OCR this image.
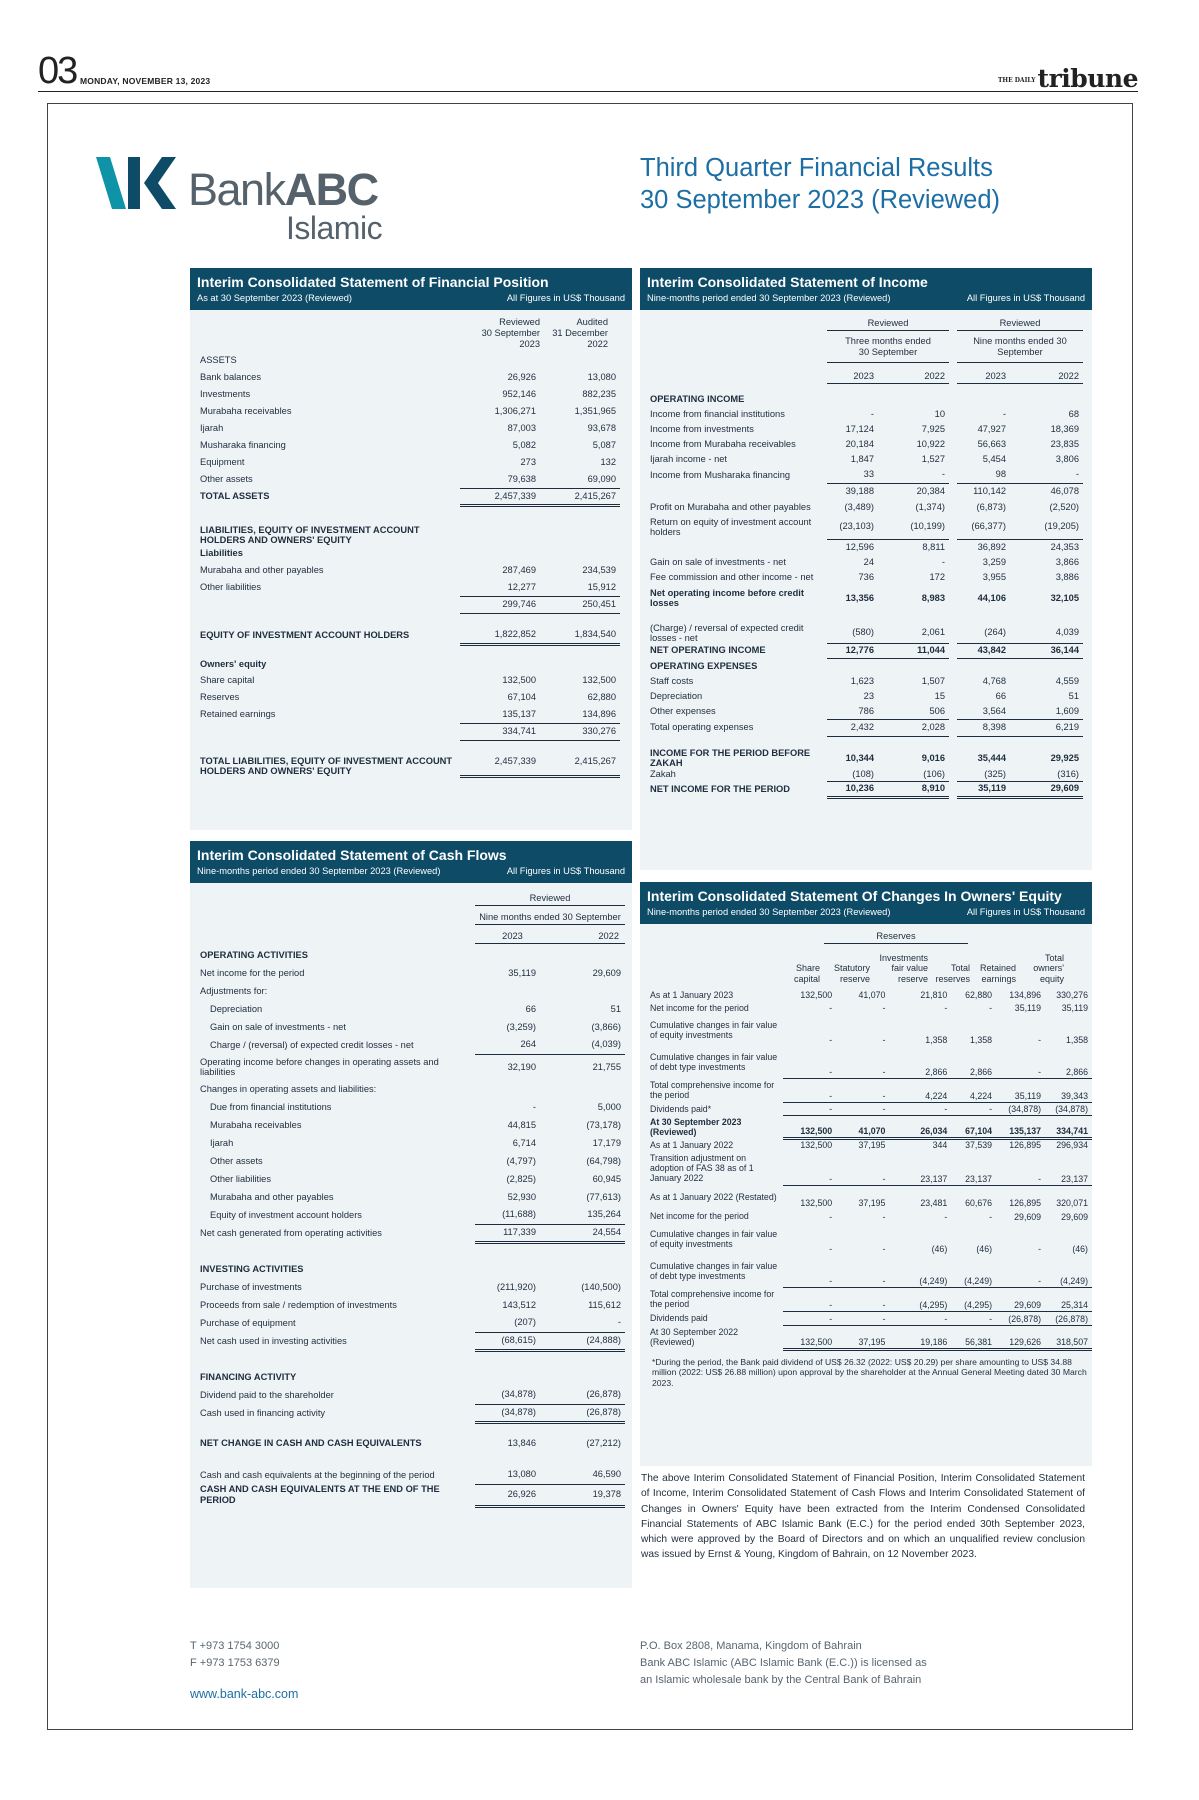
03 MONDAY, NOVEMBER 13, 2023	THE DAILYtribune
BankABC
Islamic
Third Quarter Financial Results
30 September 2023 (Reviewed)
Interim Consolidated Statement of Financial Position
As at 30 September 2023 (Reviewed)	All Figures in US$ Thousand
Reviewed
30 September
2023
Audited
31 December
2022
ASSETS			
Bank balances	26,926	13,080	
Investments	952,146	882,235	
Murabaha receivables	1,306,271	1,351,965	
Ijarah	87,003	93,678	
Musharaka financing	5,082	5,087	
Equipment	273	132	
Other assets	79,638	69,090	
TOTAL ASSETS	2,457,339	2,415,267	

LIABILITIES, EQUITY OF INVESTMENT ACCOUNT HOLDERS AND OWNERS' EQUITY			
Liabilities			
Murabaha and other payables	287,469	234,539	
Other liabilities	12,277	15,912	
	299,746	250,451	

EQUITY OF INVESTMENT ACCOUNT HOLDERS	1,822,852	1,834,540	

Owners' equity			
Share capital	132,500	132,500	
Reserves	67,104	62,880	
Retained earnings	135,137	134,896	
	334,741	330,276	

TOTAL LIABILITIES, EQUITY OF INVESTMENT ACCOUNT HOLDERS AND OWNERS' EQUITY	2,457,339	2,415,267	
Interim Consolidated Statement of Cash Flows
Nine-months period ended 30 September 2023 (Reviewed)	All Figures in US$ Thousand
Reviewed
Nine months ended 30 September
2023	2022
OPERATING ACTIVITIES			
Net income for the period	35,119	29,609	
Adjustments for:			
Depreciation	66	51	
Gain on sale of investments - net	(3,259)	(3,866)	
Charge / (reversal) of expected credit losses - net	264	(4,039)	
Operating income before changes in operating assets and liabilities	32,190	21,755	
Changes in operating assets and liabilities:			
Due from financial institutions	-	5,000	
Murabaha receivables	44,815	(73,178)	
Ijarah	6,714	17,179	
Other assets	(4,797)	(64,798)	
Other liabilities	(2,825)	60,945	
Murabaha and other payables	52,930	(77,613)	
Equity of investment account holders	(11,688)	135,264	
Net cash generated from operating activities	117,339	24,554	

INVESTING ACTIVITIES			
Purchase of investments	(211,920)	(140,500)	
Proceeds from sale / redemption of investments	143,512	115,612	
Purchase of equipment	(207)	-	
Net cash used in investing activities	(68,615)	(24,888)	

FINANCING ACTIVITY			
Dividend paid to the shareholder	(34,878)	(26,878)	
Cash used in financing activity	(34,878)	(26,878)	

NET CHANGE IN CASH AND CASH EQUIVALENTS	13,846	(27,212)	

Cash and cash equivalents at the beginning of the period	13,080	46,590	
CASH AND CASH EQUIVALENTS AT THE END OF THE PERIOD	26,926	19,378	
Interim Consolidated Statement of Income
Nine-months period ended 30 September 2023 (Reviewed)	All Figures in US$ Thousand
Reviewed	Reviewed
Three months ended 30 September
Nine months ended 30 September
2023	2022	2023	2022
OPERATING INCOME						
Income from financial institutions	-	10		-	68	
Income from investments	17,124	7,925		47,927	18,369	
Income from Murabaha receivables	20,184	10,922		56,663	23,835	
Ijarah income - net	1,847	1,527		5,454	3,806	
Income from Musharaka financing	33	-		98	-	
	39,188	20,384		110,142	46,078	
Profit on Murabaha and other payables	(3,489)	(1,374)		(6,873)	(2,520)	
Return on equity of investment account holders	(23,103)	(10,199)		(66,377)	(19,205)	
	12,596	8,811		36,892	24,353	
Gain on sale of investments - net	24	-		3,259	3,866	
Fee commission and other income - net	736	172		3,955	3,886	
Net operating income before credit losses	13,356	8,983		44,106	32,105	

(Charge) / reversal of expected credit losses - net	(580)	2,061		(264)	4,039	
NET OPERATING INCOME	12,776	11,044		43,842	36,144	
OPERATING EXPENSES						
Staff costs	1,623	1,507		4,768	4,559	
Depreciation	23	15		66	51	
Other expenses	786	506		3,564	1,609	
Total operating expenses	2,432	2,028		8,398	6,219	

INCOME FOR THE PERIOD BEFORE ZAKAH	10,344	9,016		35,444	29,925	
Zakah	(108)	(106)		(325)	(316)	
NET INCOME FOR THE PERIOD	10,236	8,910		35,119	29,609	
Interim Consolidated Statement Of Changes In Owners' Equity
Nine-months period ended 30 September 2023 (Reviewed)	All Figures in US$ Thousand
Reserves
Share capital
Statutory reserve
Investments fair value reserve
Total reserves
Retained earnings
Total owners' equity
As at 1 January 2023	132,500	41,070	21,810	62,880	134,896	330,276
Net income for the period	-	-	-	-	35,119	35,119
Cumulative changes in fair value of equity investments	-	-	1,358	1,358	-	1,358
Cumulative changes in fair value of debt type investments	-	-	2,866	2,866	-	2,866
Total comprehensive income for the period	-	-	4,224	4,224	35,119	39,343
Dividends paid*	-	-	-	-	(34,878)	(34,878)
At 30 September 2023 (Reviewed)	132,500	41,070	26,034	67,104	135,137	334,741
As at 1 January 2022	132,500	37,195	344	37,539	126,895	296,934
Transition adjustment on adoption of FAS 38 as of 1 January 2022	-	-	23,137	23,137	-	23,137
As at 1 January 2022 (Restated)	132,500	37,195	23,481	60,676	126,895	320,071
Net income for the period	-	-	-	-	29,609	29,609
Cumulative changes in fair value of equity investments	-	-	(46)	(46)	-	(46)
Cumulative changes in fair value of debt type investments	-	-	(4,249)	(4,249)	-	(4,249)
Total comprehensive income for the period	-	-	(4,295)	(4,295)	29,609	25,314
Dividends paid	-	-	-	-	(26,878)	(26,878)
At 30 September 2022 (Reviewed)	132,500	37,195	19,186	56,381	129,626	318,507
*During the period, the Bank paid dividend of US$ 26.32 (2022: US$ 20.29) per share amounting to US$ 34.88 million (2022: US$ 26.88 million) upon approval by the shareholder at the Annual General Meeting dated 30 March 2023.
The above Interim Consolidated Statement of Financial Position, Interim Consolidated Statement of Income, Interim Consolidated Statement of Cash Flows and Interim Consolidated Statement of Changes in Owners' Equity have been extracted from the Interim Condensed Consolidated Financial Statements of ABC Islamic Bank (E.C.) for the period ended 30th September 2023, which were approved by the Board of Directors and on which an unqualified review conclusion was issued by Ernst & Young, Kingdom of Bahrain, on 12 November 2023.
T +973 1754 3000
F +973 1753 6379
www.bank-abc.com
P.O. Box 2808, Manama, Kingdom of Bahrain
Bank ABC Islamic (ABC Islamic Bank (E.C.)) is licensed as
an Islamic wholesale bank by the Central Bank of Bahrain
